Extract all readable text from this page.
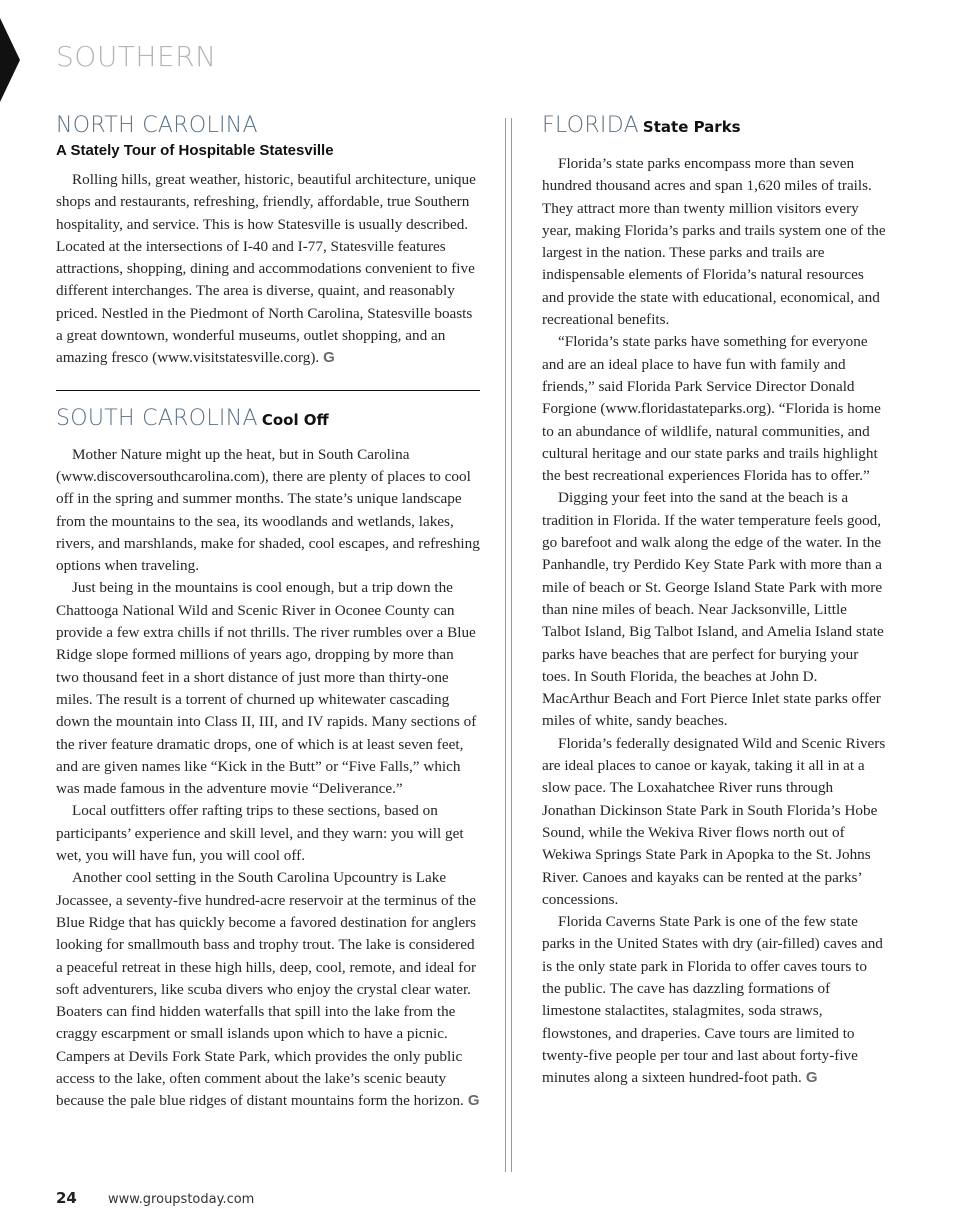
SOUTHERN
NORTH CAROLINA
A Stately Tour of Hospitable Statesville

Rolling hills, great weather, historic, beautiful architecture, unique shops and restaurants, refreshing, friendly, affordable, true Southern hospitality, and service. This is how Statesville is usually described. Located at the intersections of I-40 and I-77, Statesville features attractions, shopping, dining and accommodations convenient to five different interchanges. The area is diverse, quaint, and reasonably priced. Nestled in the Piedmont of North Carolina, Statesville boasts a great downtown, wonderful museums, outlet shopping, and an amazing fresco (www.visitstatesville.corg). G

SOUTH CAROLINA Cool Off

Mother Nature might up the heat, but in South Carolina (www.discoversouthcarolina.com), there are plenty of places to cool off in the spring and summer months. The state’s unique landscape from the mountains to the sea, its woodlands and wetlands, lakes, rivers, and marshlands, make for shaded, cool escapes, and refreshing options when traveling.

Just being in the mountains is cool enough, but a trip down the Chattooga National Wild and Scenic River in Oconee County can provide a few extra chills if not thrills. The river rumbles over a Blue Ridge slope formed millions of years ago, dropping by more than two thousand feet in a short distance of just more than thirty-one miles. The result is a torrent of churned up whitewater cascading down the mountain into Class II, III, and IV rapids. Many sections of the river feature dramatic drops, one of which is at least seven feet, and are given names like “Kick in the Butt” or “Five Falls,” which was made famous in the adventure movie “Deliverance.”

Local outfitters offer rafting trips to these sections, based on participants’ experience and skill level, and they warn: you will get wet, you will have fun, you will cool off.

Another cool setting in the South Carolina Upcountry is Lake Jocassee, a seventy-five hundred-acre reservoir at the terminus of the Blue Ridge that has quickly become a favored destination for anglers looking for smallmouth bass and trophy trout. The lake is considered a peaceful retreat in these high hills, deep, cool, remote, and ideal for soft adventurers, like scuba divers who enjoy the crystal clear water. Boaters can find hidden waterfalls that spill into the lake from the craggy escarpment or small islands upon which to have a picnic. Campers at Devils Fork State Park, which provides the only public access to the lake, often comment about the lake’s scenic beauty because the pale blue ridges of distant mountains form the horizon. G

FLORIDA State Parks

Florida’s state parks encompass more than seven hundred thousand acres and span 1,620 miles of trails. They attract more than twenty million visitors every year, making Florida’s parks and trails system one of the largest in the nation. These parks and trails are indispensable elements of Florida’s natural resources and provide the state with educational, economical, and recreational benefits.

“Florida’s state parks have something for everyone and are an ideal place to have fun with family and friends,” said Florida Park Service Director Donald Forgione (www.floridastateparks.org). “Florida is home to an abundance of wildlife, natural communities, and cultural heritage and our state parks and trails highlight the best recreational experiences Florida has to offer.”

Digging your feet into the sand at the beach is a tradition in Florida. If the water temperature feels good, go barefoot and walk along the edge of the water. In the Panhandle, try Perdido Key State Park with more than a mile of beach or St. George Island State Park with more than nine miles of beach. Near Jacksonville, Little Talbot Island, Big Talbot Island, and Amelia Island state parks have beaches that are perfect for burying your toes. In South Florida, the beaches at John D. MacArthur Beach and Fort Pierce Inlet state parks offer miles of white, sandy beaches.

Florida’s federally designated Wild and Scenic Rivers are ideal places to canoe or kayak, taking it all in at a slow pace. The Loxahatchee River runs through Jonathan Dickinson State Park in South Florida’s Hobe Sound, while the Wekiva River flows north out of Wekiwa Springs State Park in Apopka to the St. Johns River. Canoes and kayaks can be rented at the parks’ concessions.

Florida Caverns State Park is one of the few state parks in the United States with dry (air-filled) caves and is the only state park in Florida to offer caves tours to the public. The cave has dazzling formations of limestone stalactites, stalagmites, soda straws, flowstones, and draperies. Cave tours are limited to twenty-five people per tour and last about forty-five minutes along a sixteen hundred-foot path. G

24 www.groupstoday.com
